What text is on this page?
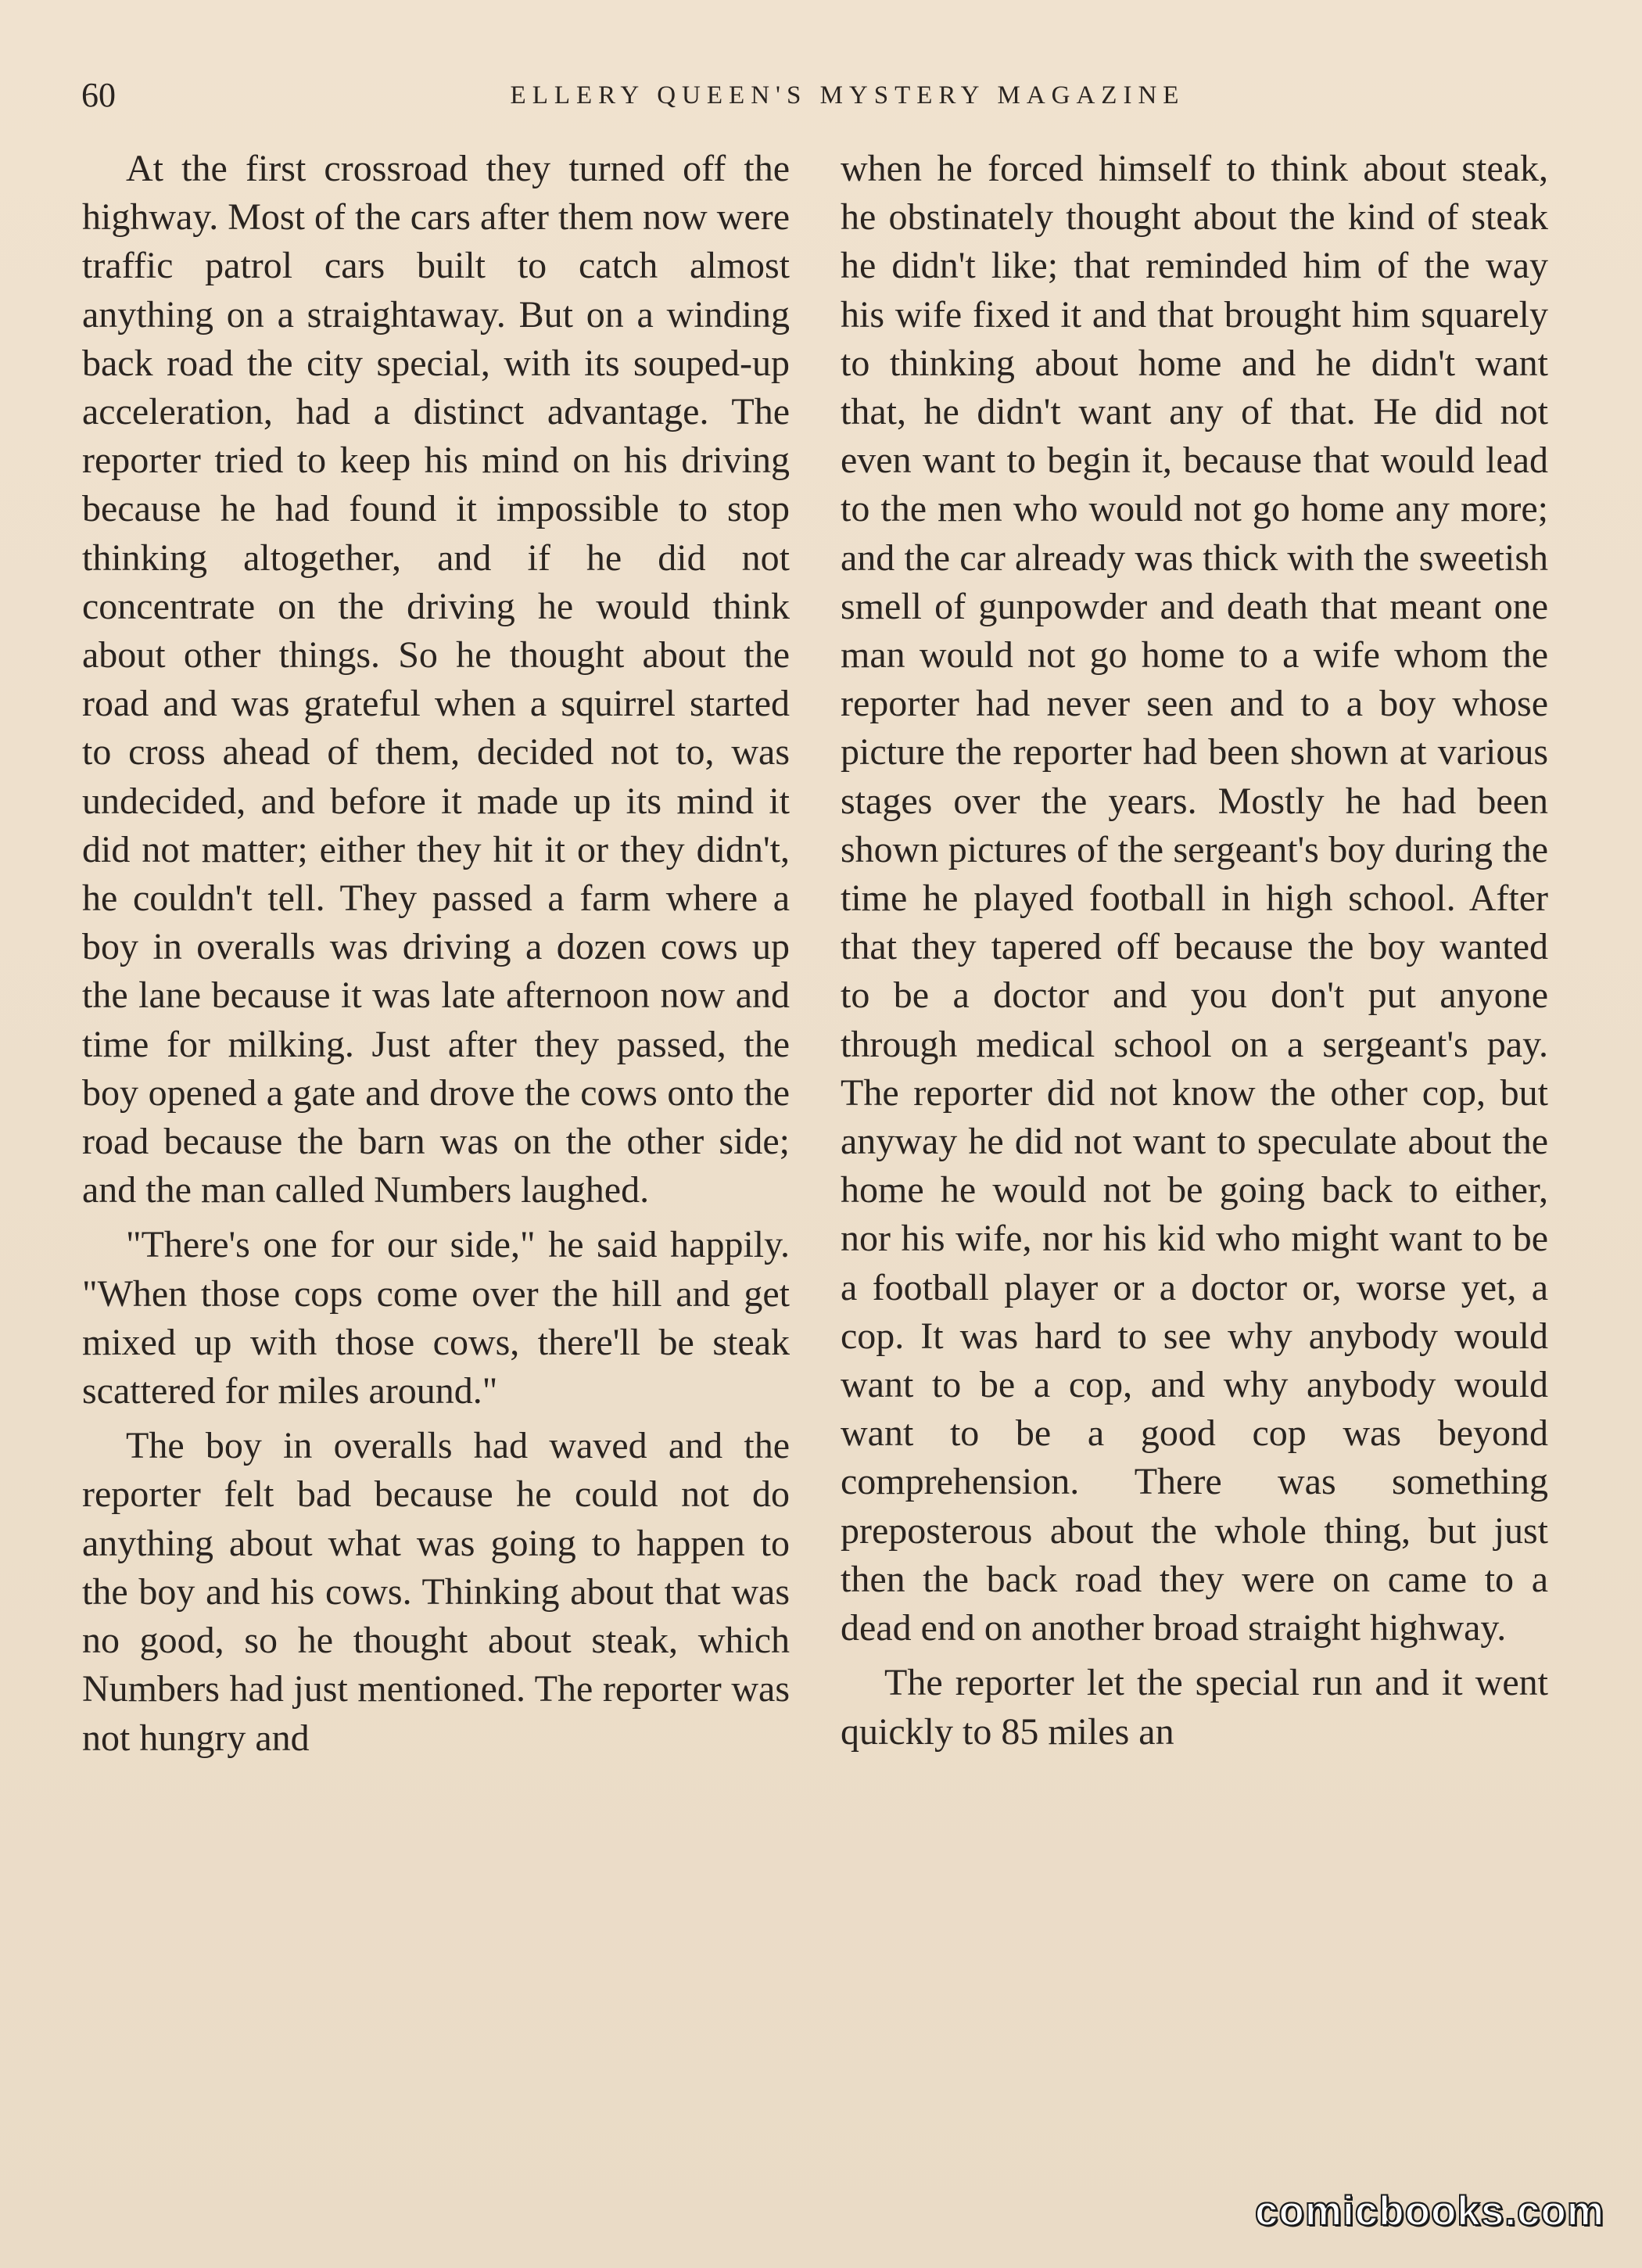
60	ELLERY QUEEN'S MYSTERY MAGAZINE

At the first crossroad they turned off the highway. Most of the cars after them now were traffic patrol cars built to catch almost anything on a straightaway. But on a winding back road the city special, with its souped-up acceleration, had a distinct advantage. The reporter tried to keep his mind on his driving because he had found it impossible to stop thinking altogether, and if he did not concentrate on the driving he would think about other things. So he thought about the road and was grateful when a squirrel started to cross ahead of them, decided not to, was undecided, and before it made up its mind it did not matter; either they hit it or they didn't, he couldn't tell. They passed a farm where a boy in overalls was driving a dozen cows up the lane because it was late afternoon now and time for milking. Just after they passed, the boy opened a gate and drove the cows onto the road because the barn was on the other side; and the man called Numbers laughed.

"There's one for our side," he said happily. "When those cops come over the hill and get mixed up with those cows, there'll be steak scattered for miles around."

The boy in overalls had waved and the reporter felt bad because he could not do anything about what was going to happen to the boy and his cows. Thinking about that was no good, so he thought about steak, which Numbers had just mentioned. The reporter was not hungry and

when he forced himself to think about steak, he obstinately thought about the kind of steak he didn't like; that reminded him of the way his wife fixed it and that brought him squarely to thinking about home and he didn't want that, he didn't want any of that. He did not even want to begin it, because that would lead to the men who would not go home any more; and the car already was thick with the sweetish smell of gunpowder and death that meant one man would not go home to a wife whom the reporter had never seen and to a boy whose picture the reporter had been shown at various stages over the years. Mostly he had been shown pictures of the sergeant's boy during the time he played football in high school. After that they tapered off because the boy wanted to be a doctor and you don't put anyone through medical school on a sergeant's pay. The reporter did not know the other cop, but anyway he did not want to speculate about the home he would not be going back to either, nor his wife, nor his kid who might want to be a football player or a doctor or, worse yet, a cop. It was hard to see why anybody would want to be a cop, and why anybody would want to be a good cop was beyond comprehension. There was something preposterous about the whole thing, but just then the back road they were on came to a dead end on another broad straight highway.

The reporter let the special run and it went quickly to 85 miles an

comicbooks.com
